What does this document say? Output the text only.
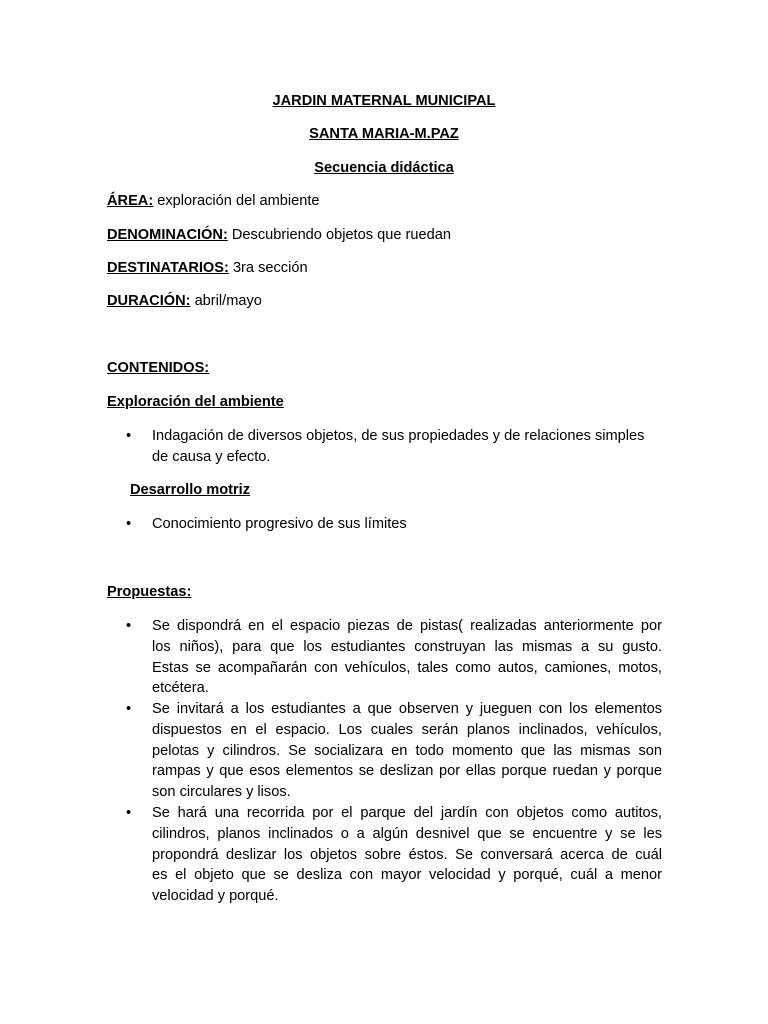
JARDIN MATERNAL MUNICIPAL
SANTA MARIA-M.PAZ
Secuencia didáctica
ÁREA: exploración del ambiente
DENOMINACIÓN: Descubriendo objetos que ruedan
DESTINATARIOS: 3ra sección
DURACIÓN: abril/mayo
CONTENIDOS:
Exploración del ambiente
• Indagación de diversos objetos, de sus propiedades y de relaciones simples
de causa y efecto.
Desarrollo motriz
• Conocimiento progresivo de sus límites
Propuestas:
• Se dispondrá en el espacio piezas de pistas( realizadas anteriormente por
los niños), para que los estudiantes construyan las mismas a su gusto.
Estas se acompañarán con vehículos, tales como autos, camiones, motos,
etcétera.
• Se invitará a los estudiantes a que observen y jueguen con los elementos
dispuestos en el espacio. Los cuales serán planos inclinados, vehículos,
pelotas y cilindros. Se socializara en todo momento que las mismas son
rampas y que esos elementos se deslizan por ellas porque ruedan y porque
son circulares y lisos.
• Se hará una recorrida por el parque del jardín con objetos como autitos,
cilindros, planos inclinados o a algún desnivel que se encuentre y se les
propondrá deslizar los objetos sobre éstos. Se conversará acerca de cuál
es el objeto que se desliza con mayor velocidad y porqué, cuál a menor
velocidad y porqué.
